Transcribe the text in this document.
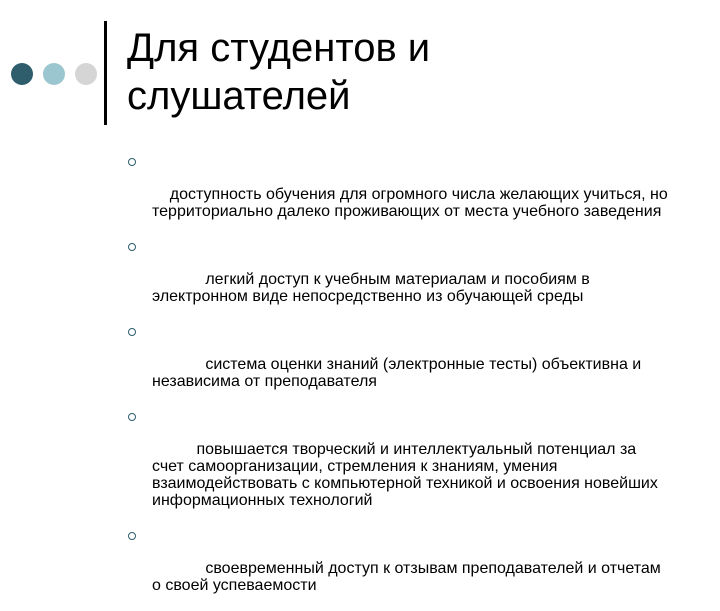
Для студентов и
слушателей

доступность обучения для огромного числа желающих учиться, но территориально далеко проживающих от места учебного заведения

легкий доступ к учебным материалам и пособиям в электронном виде непосредственно из обучающей среды

система оценки знаний (электронные тесты) объективна и независима от преподавателя

повышается творческий и интеллектуальный потенциал за счет самоорганизации, стремления к знаниям, умения взаимодействовать с компьютерной техникой и освоения новейших информационных технологий

своевременный доступ к отзывам преподавателей и отчетам о своей успеваемости
